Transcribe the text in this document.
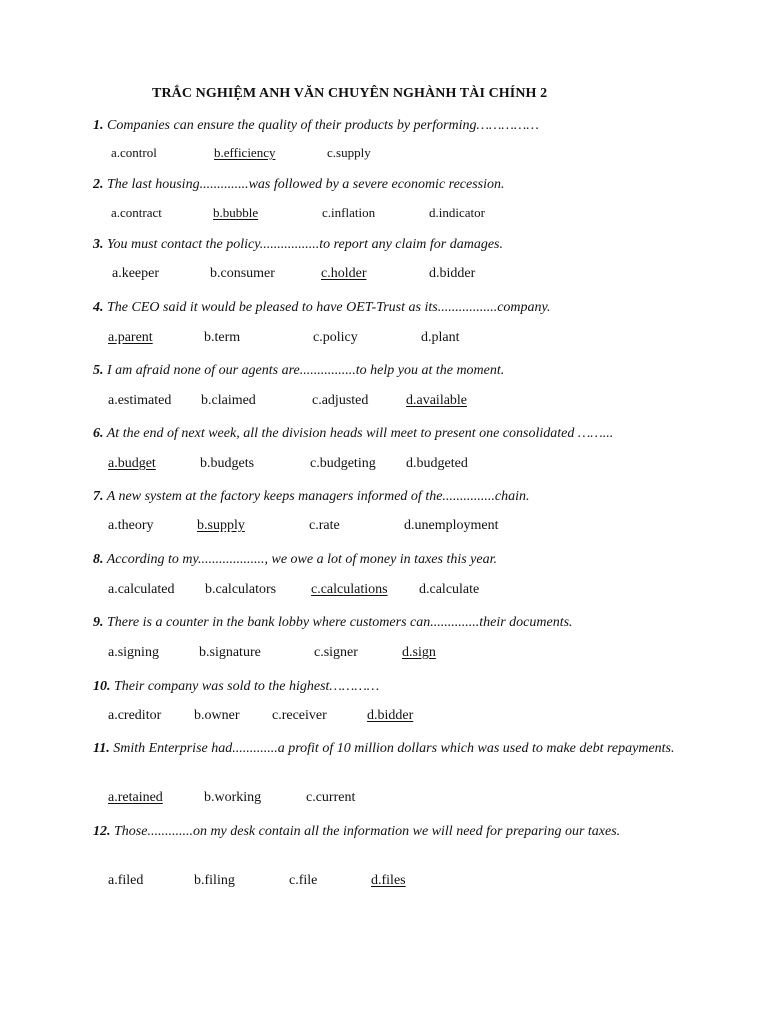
TRẮC NGHIỆM ANH VĂN CHUYÊN NGHÀNH TÀI CHÍNH 2
1. Companies can ensure the quality of their products by performing……………
a.control	b.efficiency	c.supply
2. The last housing..............was followed by a severe economic recession.
a.contract	b.bubble	c.inflation	d.indicator
3. You must contact the policy.................to report any claim for damages.
a.keeper	b.consumer	c.holder	d.bidder
4. The CEO said it would be pleased to have OET-Trust as its.................company.
a.parent	b.term	c.policy	d.plant
5. I am afraid none of our agents are................to help you at the moment.
a.estimated b.claimed	c.adjusted	d.available
6. At the end of next week, all the division heads will meet to present one consolidated ……...
a.budget	b.budgets	c.budgeting d.budgeted
7. A new system at the factory keeps managers informed of the...............chain.
a.theory	b.supply	c.rate	d.unemployment
8. According to my..................., we owe a lot of money in taxes this year.
a.calculated b.calculators c.calculations d.calculate
9. There is a counter in the bank lobby where customers can..............their documents.
a.signing	b.signature	c.signer	d.sign
10. Their company was sold to the highest…………
a.creditor b.owner c.receiver	d.bidder
11. Smith Enterprise had.............a profit of 10 million dollars which was used to make debt repayments.
a.retained	b.working	c.current
12. Those.............on my desk contain all the information we will need for preparing our taxes.
a.filed	b.filing	c.file	d.files
